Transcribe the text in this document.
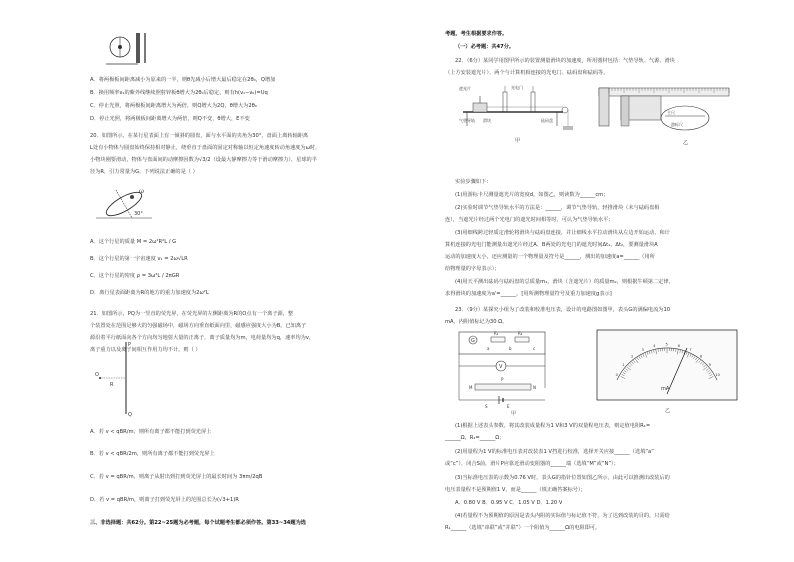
A．将两极板间距离减小为原来的一半，则θ先减小后增大最后稳定在2θ₀，Q增加
B．换用频率ν₁的紫外线继续照射锌板θ增大为2θ₀后稳定，则有h(ν₁−ν₀)=Uq
C．停止光照，将两极板间距离增大为两倍，则Q增大为2Q，θ增大为2θ₀
D．停止光照，将两极板间距离增大为两倍，则Q不变，θ增大，E不变
20．如图所示，在某行星表面上有一倾斜的圆盘，面与水平面的夹角为30°，盘面上离转轴距离
L处有小物体与圆盘始终保持相对静止，绕垂直于盘面的固定对称轴以恒定角速度转动角速度为ω时，
小物块刚要滑动，物体与盘面间的动摩擦因数为√3/2（设最大静摩擦力等于滑动摩擦力），星球的半
径为R，引力常量为G，下列说法正确的是（ ）
ω
30°
A．这个行星的质量 M = 2ω²R²L / G
B．这个行星的第一宇宙速度 v₁ = 2ω√LR
C．这个行星的密度 ρ = 3ω²L / 2πGR
D．离行星表面距离为R的地方的重力加速度为2ω²L
21．如图所示，PQ为一竖直的荧光屏，在荧光屏的左侧距离为R的O点有一个离子源，整
个装置处在范围足够大的匀强磁场中，磁场方向垂直纸面向里，磁感应强度大小为B。已知离子
源沿着平行纸面向各个方向均匀地射大量的正离子，离子质量均为m，电荷量均为q，速率均为v，
离子重力以及离子间相互作用力均不计。则（ ）
P
Q
O
R
A．若 v < qBR/m，则所有离子都不能打到荧光屏上
B．若 v < qBR/2m，则所有离子都不能打到荧光屏上
C．若 v = qBR/m，则离子从射出到打到荧光屏上的最长时间为 3πm/2qB
D．若 v = qBR/m，则离子打到荧光屏上的范围总长为(√3+1)R
三、非选择题：共62分。第22~25题为必考题，每个试题考生都必须作答。第33~34题为选
考题，考生根据要求作答。
（一）必考题：共47分。
22．（6分）某同学用图甲所示的装置测量滑块的加速度，所用器材包括：气垫导轨、气源、滑块
（上方安装遮光片）、两个与计算机相连接的光电门、砝码盘和砝码等。
遮光片	光电门
气垫导轨 滑块	砝码盘
甲
主尺
游标尺
乙
实验步骤如下：
(1)用游标卡尺测量遮光片的宽度d，如图乙，则读数为______cm；
(2)实验时调节气垫导轨水平的方法是：______，调节气垫导轨，轻推滑块（未与砝码盘相
连），当遮光片经过两个光电门的遮光时间相等时，可认为气垫导轨水平；
(3)用细线跨过轻质定滑轮将滑块与砝码盘连接，并让细线水平拉动滑块从左边开始运动，和计
算机连接的光电门能测量出遮光片经过A、B两处的光电门的遮光时间Δt₁、Δt₂，要测量滑块A
运动的加速度大小，还应测量的一个物理量及符号是______，测出的加速度a=______（用所
给物理量的字母表示）；
(4)用天平测出砝码与砝码盘的总质量m₁，滑块（含遮光片）的质量m₂，则根据牛顿第二定律，
求得滑块的加速度为a'=______。[用所测物理量符号及重力加速度g表示]
23．（9分）某探究小组为了改装和校准电压表，设计的电路图如图甲，表头G的满偏电流为10
mA，内阻值标记为30 Ω。
G
R₁	R₂
a	b	c
V
M	N
P
S	E
甲
0
1
2
3
4	5	6
7
8
9
10
mA
乙
(1)根据上述表头参数，将其改装成量程为1 V和3 V的双量程电压表，则定值电阻R₁=
______Ω，R₂=______Ω；
(2)用量程为1 V的标准电压表对改装表1 V挡进行校准，选择开关应接______（选填“a”
或“c”），闭合S前，滑片P应靠近滑动变阻器的______端（选填“M”或“N”）；
(3)当标准电压表的示数为0.76 V时，表头G的指针位置如图乙所示，由此可以推测出改装后的
电压表量程不是预期值1 V，而是______（填正确答案标号）；
A．0.80 V B．0.95 V C．1.05 V D．1.20 V
(4)若量程不为预期值的原因是表头内阻的实际值与标记值不符，为了达到改装的目的，只需给
R₁______（选填“串联”或“并联”）一个阻值为______Ω的电阻即可。
